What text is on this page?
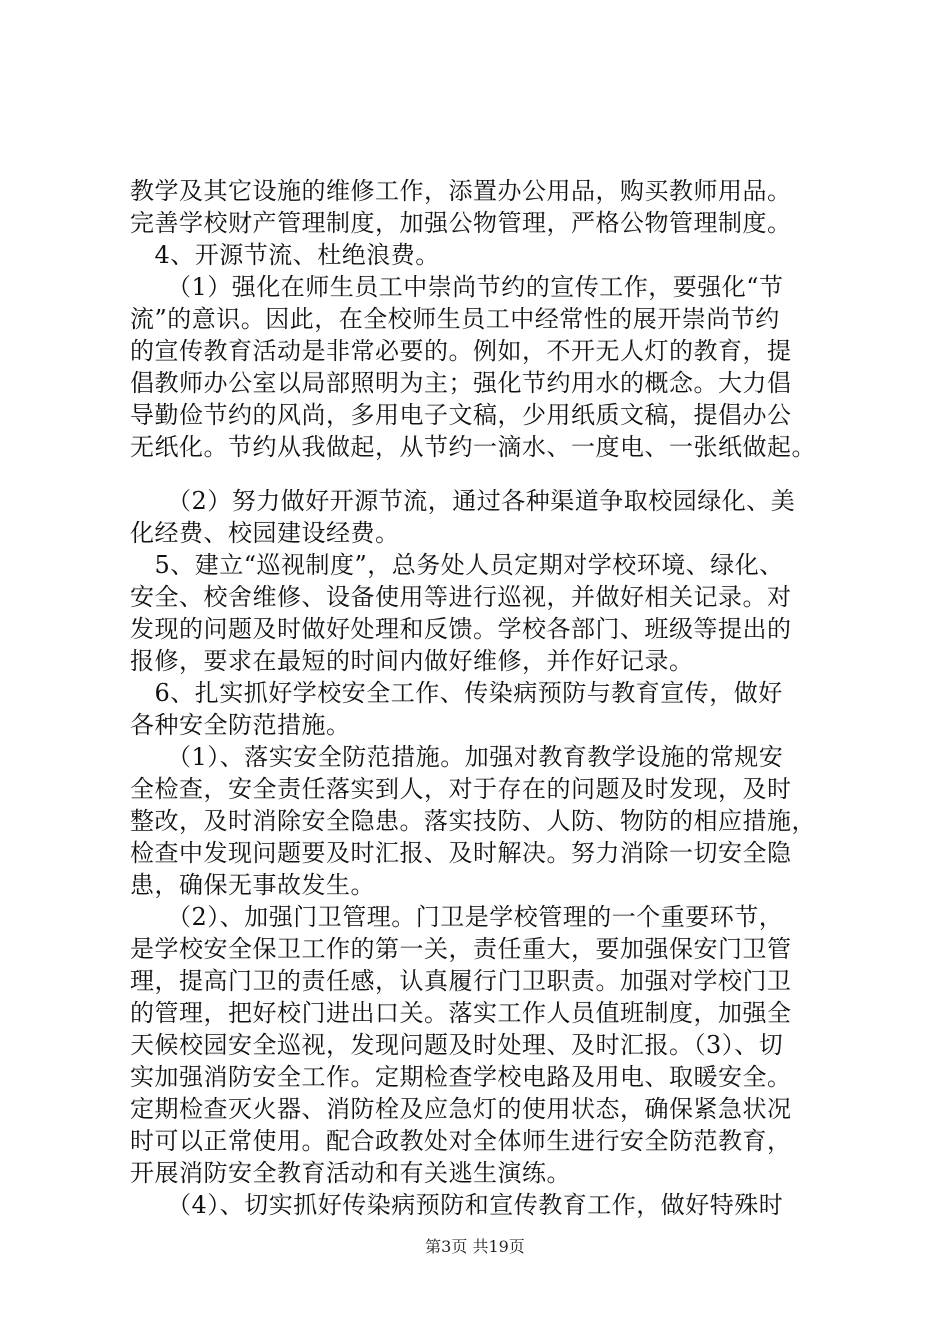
教学及其它设施的维修工作，添置办公用品，购买教师用品。
完善学校财产管理制度，加强公物管理，严格公物管理制度。
　4、开源节流、杜绝浪费。
　　（1）强化在师生员工中崇尚节约的宣传工作，要强化“节
流”的意识。因此，在全校师生员工中经常性的展开崇尚节约
的宣传教育活动是非常必要的。例如，不开无人灯的教育，提
倡教师办公室以局部照明为主；强化节约用水的概念。大力倡
导勤俭节约的风尚，多用电子文稿，少用纸质文稿，提倡办公
无纸化。节约从我做起，从节约一滴水、一度电、一张纸做起。
　　（2）努力做好开源节流，通过各种渠道争取校园绿化、美
化经费、校园建设经费。
　5、建立“巡视制度”，总务处人员定期对学校环境、绿化、
安全、校舍维修、设备使用等进行巡视，并做好相关记录。对
发现的问题及时做好处理和反馈。学校各部门、班级等提出的
报修，要求在最短的时间内做好维修，并作好记录。
　6、扎实抓好学校安全工作、传染病预防与教育宣传，做好
各种安全防范措施。
　　（1）、落实安全防范措施。加强对教育教学设施的常规安
全检查，安全责任落实到人，对于存在的问题及时发现，及时
整改，及时消除安全隐患。落实技防、人防、物防的相应措施，
检查中发现问题要及时汇报、及时解决。努力消除一切安全隐
患，确保无事故发生。
　　（2）、加强门卫管理。门卫是学校管理的一个重要环节，
是学校安全保卫工作的第一关，责任重大，要加强保安门卫管
理，提高门卫的责任感，认真履行门卫职责。加强对学校门卫
的管理，把好校门进出口关。落实工作人员值班制度，加强全
天候校园安全巡视，发现问题及时处理、及时汇报。（3）、切
实加强消防安全工作。定期检查学校电路及用电、取暖安全。
定期检查灭火器、消防栓及应急灯的使用状态，确保紧急状况
时可以正常使用。配合政教处对全体师生进行安全防范教育，
开展消防安全教育活动和有关逃生演练。
　　（4）、切实抓好传染病预防和宣传教育工作，做好特殊时
第3页 共19页
